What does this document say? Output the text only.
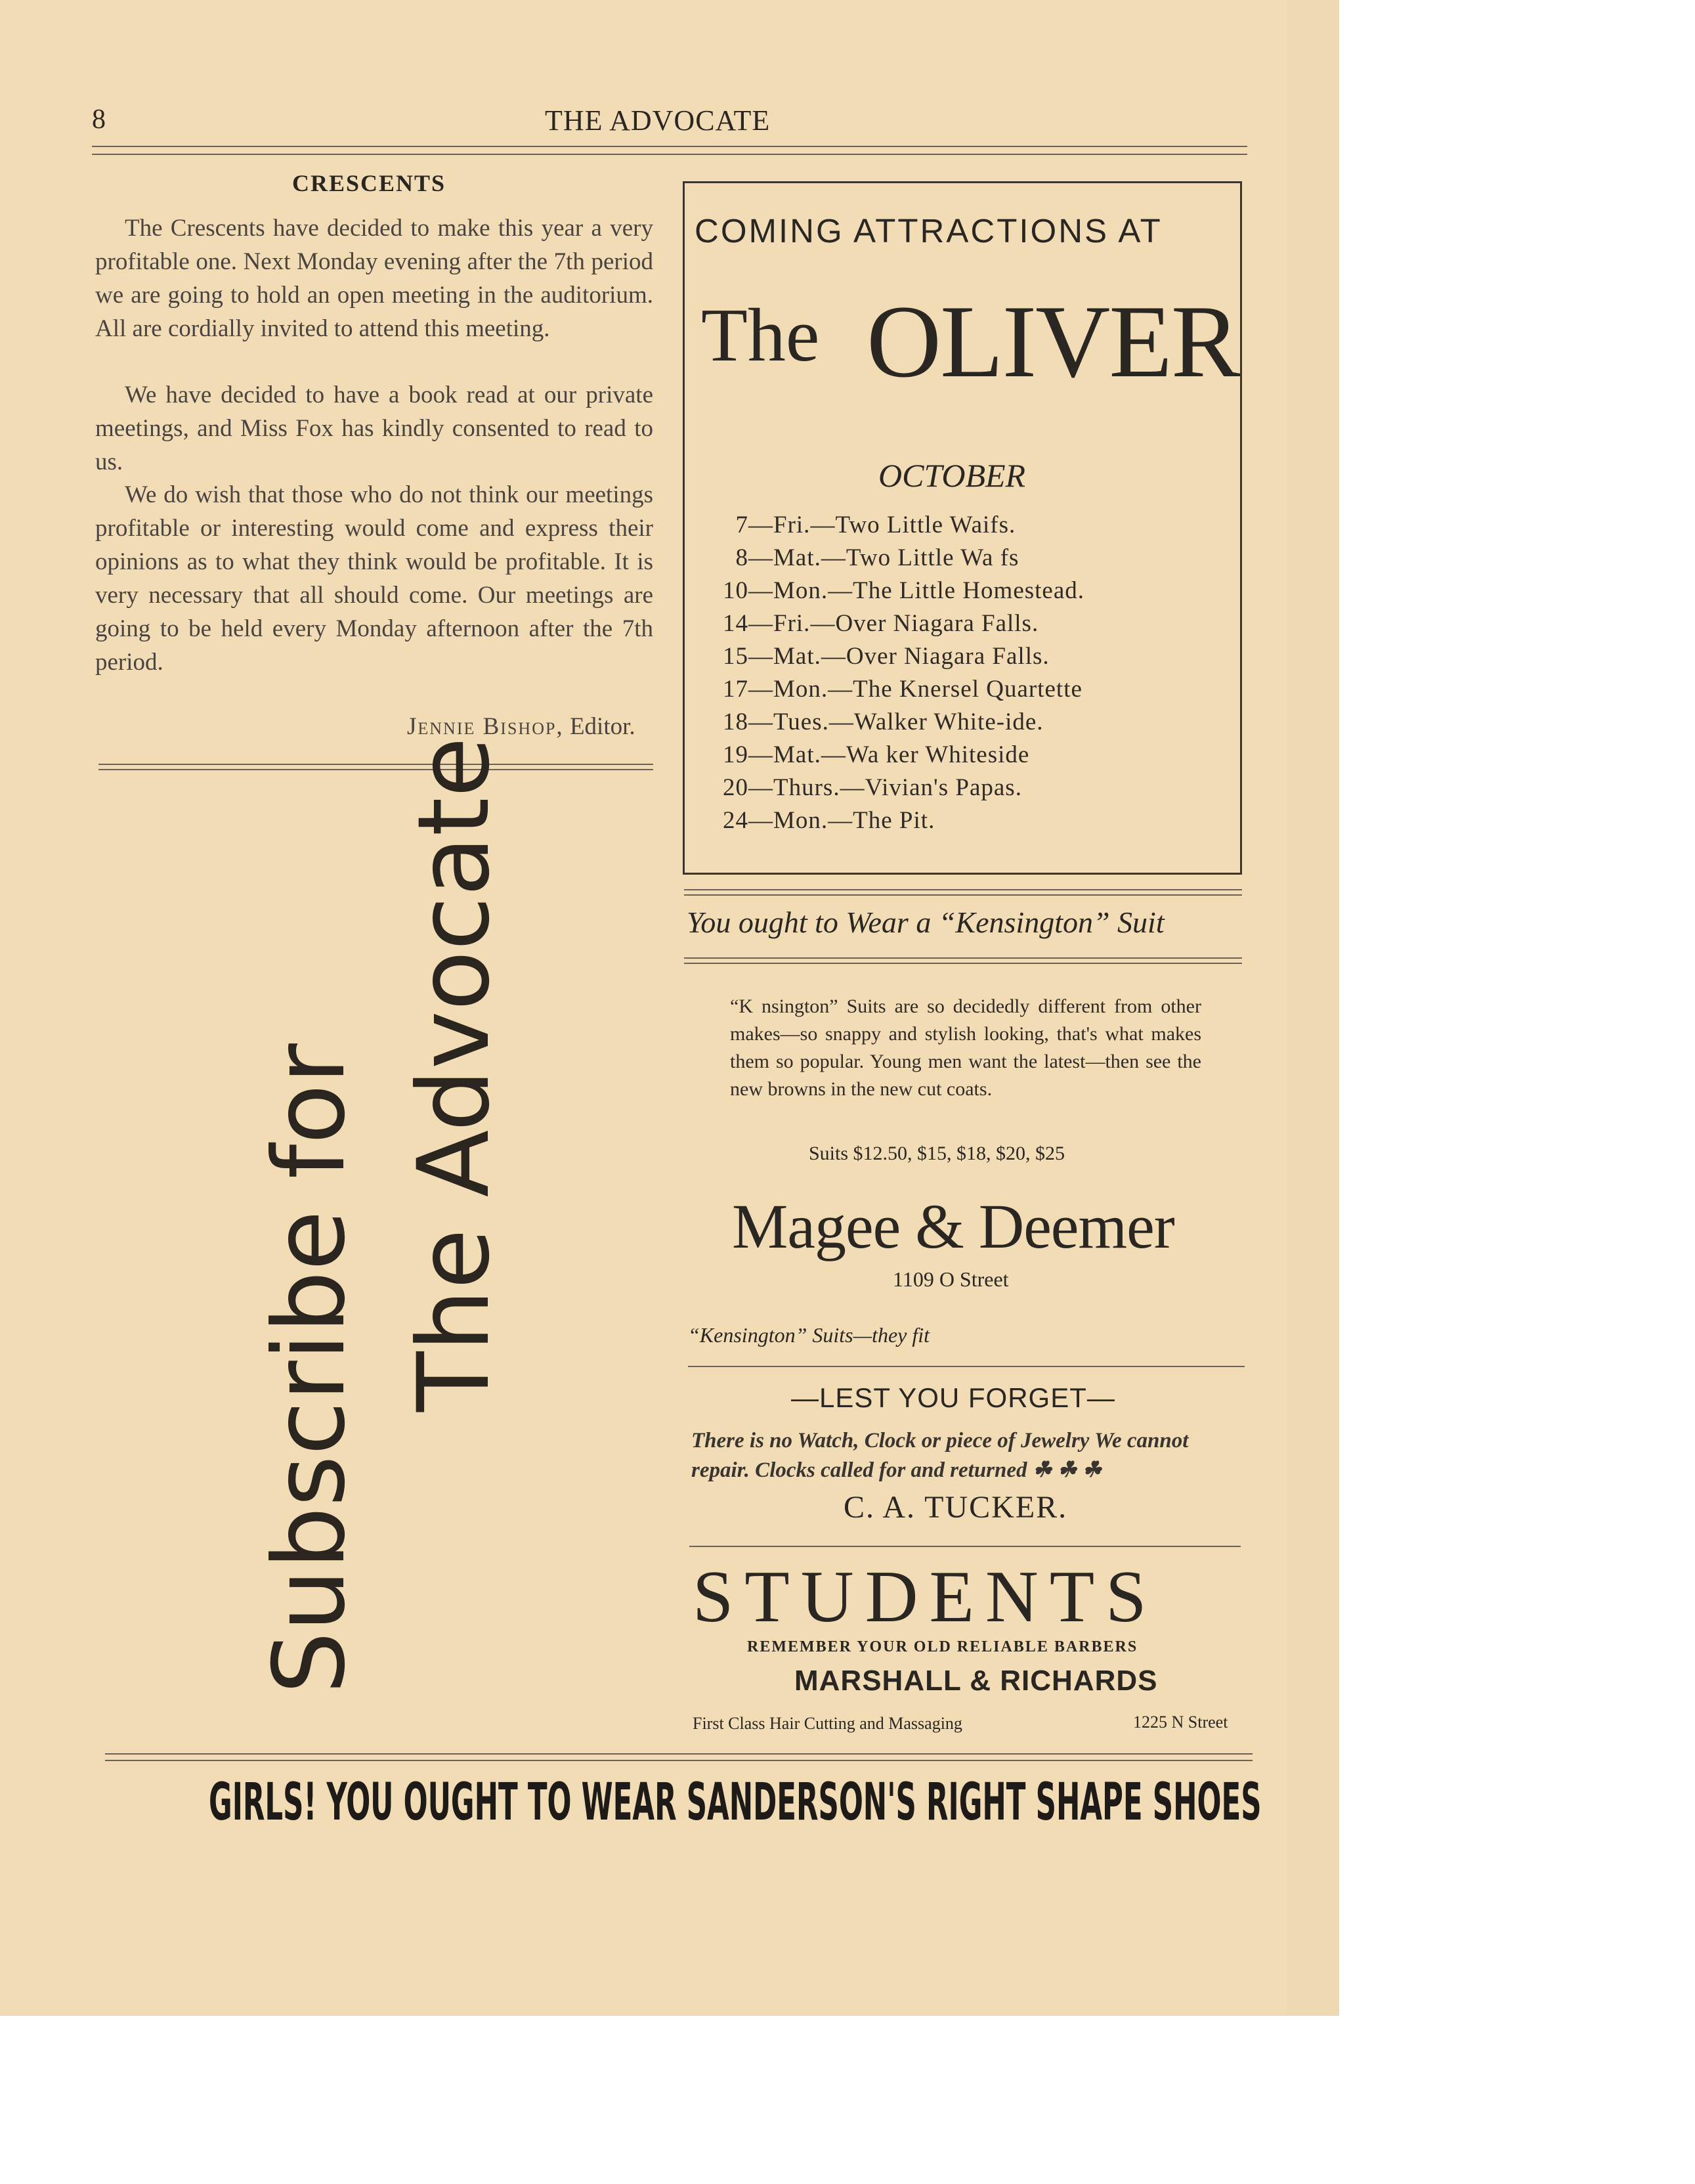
8	THE ADVOCATE
CRESCENTS
The Crescents have decided to make this year a very profitable one. Next Monday evening after the 7th period we are going to hold an open meeting in the auditorium. All are cordially invited to attend this meeting.
We have decided to have a book read at our private meetings, and Miss Fox has kindly consented to read to us.
We do wish that those who do not think our meetings profitable or interesting would come and express their opinions as to what they think would be profitable. It is very necessary that all should come. Our meetings are going to be held every Monday afternoon after the 7th period.
Jennie Bishop, Editor.
Subscribe for The Advocate
COMING ATTRACTIONS AT
The OLIVER
OCTOBER
7—Fri.—Two Little Waifs.
8—Mat.—Two Little Wa fs
10—Mon.—The Little Homestead.
14—Fri.—Over Niagara Falls.
15—Mat.—Over Niagara Falls.
17—Mon.—The Knersel Quartette
18—Tues.—Walker White-ide.
19—Mat.—Wa ker Whiteside
20—Thurs.—Vivian's Papas.
24—Mon.—The Pit.
You ought to Wear a “Kensington” Suit
“K nsington” Suits are so decidedly different from other makes—so snappy and stylish looking, that's what makes them so popular. Young men want the latest—then see the new browns in the new cut coats.
Suits $12.50, $15, $18, $20, $25
Magee & Deemer
1109 O Street
“Kensington” Suits—they fit
—LEST YOU FORGET—
There is no Watch, Clock or piece of Jewelry We cannot
repair. Clocks called for and returned ☘ ☘ ☘
C. A. TUCKER.
STUDENTS
REMEMBER YOUR OLD RELIABLE BARBERS
MARSHALL & RICHARDS
First Class Hair Cutting and Massaging	1225 N Street
GIRLS! YOU OUGHT TO WEAR SANDERSON'S RIGHT SHAPE SHOES
